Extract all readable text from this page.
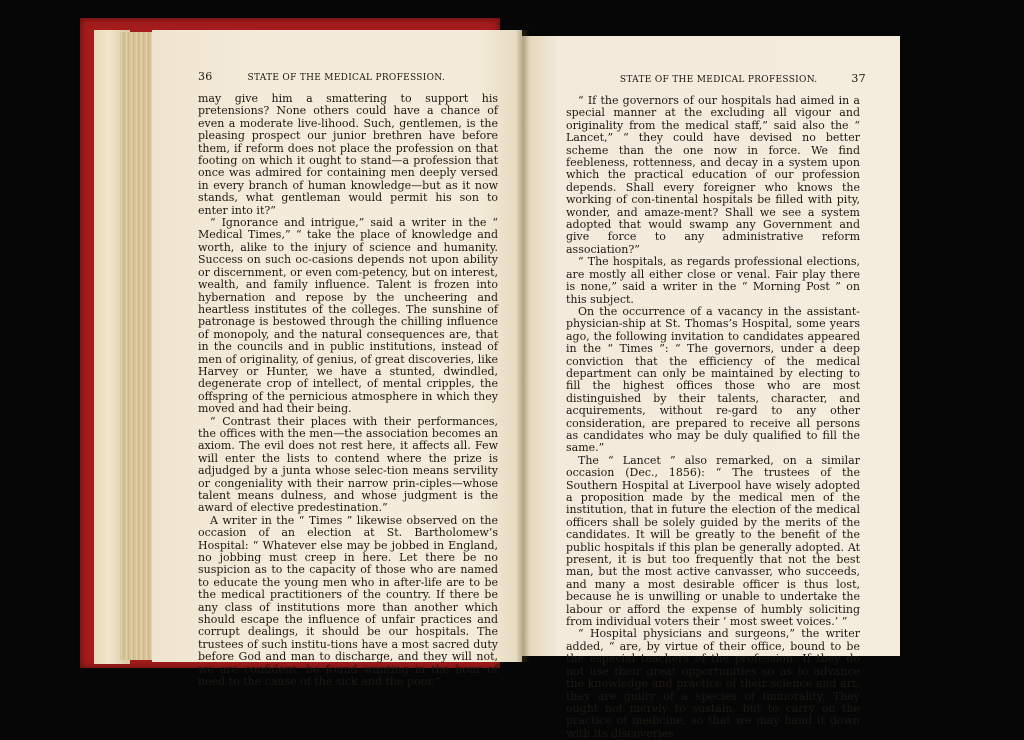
36	STATE OF THE MEDICAL PROFESSION.

may give him a smattering to support his pretensions? None others could have a chance of even a moderate live-lihood. Such, gentlemen, is the pleasing prospect our junior brethren have before them, if reform does not place the profession on that footing on which it ought to stand—a profession that once was admired for containing men deeply versed in every branch of human knowledge—but as it now stands, what gentleman would permit his son to enter into it?”

“ Ignorance and intrigue,” said a writer in the “ Medical Times,” “ take the place of knowledge and worth, alike to the injury of science and humanity. Success on such oc-casions depends not upon ability or discernment, or even com-petency, but on interest, wealth, and family influence. Talent is frozen into hybernation and repose by the uncheering and heartless institutes of the colleges. The sunshine of patronage is bestowed through the chilling influence of monopoly, and the natural consequences are, that in the councils and in public institutions, instead of men of originality, of genius, of great discoveries, like Harvey or Hunter, we have a stunted, dwindled, degenerate crop of intellect, of mental cripples, the offspring of the pernicious atmosphere in which they moved and had their being.

“ Contrast their places with their performances, the offices with the men—the association becomes an axiom. The evil does not rest here, it affects all. Few will enter the lists to contend where the prize is adjudged by a junta whose selec-tion means servility or congeniality with their narrow prin-ciples—whose talent means dulness, and whose judgment is the award of elective predestination.”

A writer in the “ Times ” likewise observed on the occasion of an election at St. Bartholomew’s Hospital: “ Whatever else may be jobbed in England, no jobbing must creep in here. Let there be no suspicion as to the capacity of those who are named to educate the young men who in after-life are to be the medical practitioners of the country. If there be any class of institutions more than another which should escape the influence of unfair practices and corrupt dealings, it should be our hospitals. The trustees of such institu-tions have a most sacred duty before God and man to discharge, and they will not, we are confident, be found wanting in the hour of need to the cause of the sick and the poor.”

STATE OF THE MEDICAL PROFESSION.	37

“ If the governors of our hospitals had aimed in a special manner at the excluding all vigour and originality from the medical staff,” said also the “ Lancet,” “ they could have devised no better scheme than the one now in force. We find feebleness, rottenness, and decay in a system upon which the practical education of our profession depends. Shall every foreigner who knows the working of con-tinental hospitals be filled with pity, wonder, and amaze-ment? Shall we see a system adopted that would swamp any Government and give force to any administrative reform association?”

“ The hospitals, as regards professional elections, are mostly all either close or venal. Fair play there is none,” said a writer in the “ Morning Post ” on this subject.

On the occurrence of a vacancy in the assistant-physician-ship at St. Thomas’s Hospital, some years ago, the following invitation to candidates appeared in the “ Times ”: “ The governors, under a deep conviction that the efficiency of the medical department can only be maintained by electing to fill the highest offices those who are most distinguished by their talents, character, and acquirements, without re-gard to any other consideration, are prepared to receive all persons as candidates who may be duly qualified to fill the same.”

The “ Lancet ” also remarked, on a similar occasion (Dec., 1856): “ The trustees of the Southern Hospital at Liverpool have wisely adopted a proposition made by the medical men of the institution, that in future the election of the medical officers shall be solely guided by the merits of the candidates. It will be greatly to the benefit of the public hospitals if this plan be generally adopted. At present, it is but too frequently that not the best man, but the most active canvasser, who succeeds, and many a most desirable officer is thus lost, because he is unwilling or unable to undertake the labour or afford the expense of humbly soliciting from individual voters their ‘ most sweet voices.’ ”

“ Hospital physicians and surgeons,” the writer added, “ are, by virtue of their office, bound to be the especial teachers of the profession. If they do not use their great opportunities so as to advance the knowledge and practice of their science and art, they are guilty of a species of immorality. They ought not merely to sustain, but to carry on the practice of medicine, so that we may hand it down with its discoveries
